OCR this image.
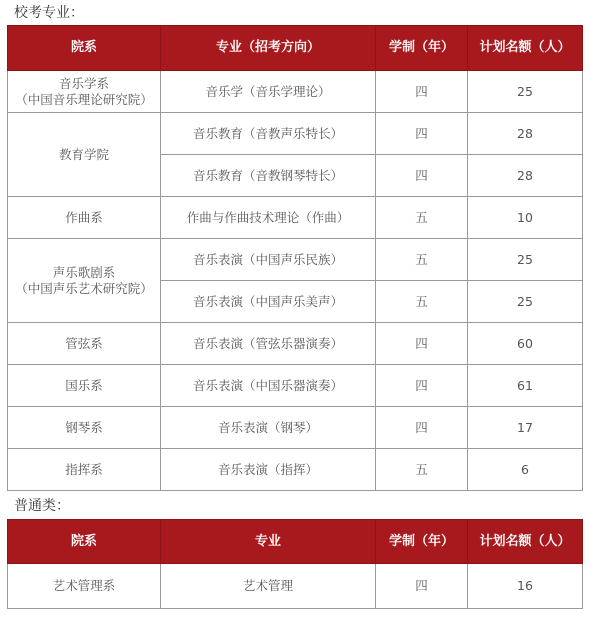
校考专业：
院系	专业（招考方向）	学制（年）	计划名额（人）

音乐学系
（中国音乐理论研究院）	音乐学（音乐学理论）	四	25

教育学院	音乐教育（音教声乐特长）	四	28
	音乐教育（音教钢琴特长）	四	28

作曲系	作曲与作曲技术理论（作曲）	五	10

声乐歌剧系
（中国声乐艺术研究院）	音乐表演（中国声乐民族）	五	25
	音乐表演（中国声乐美声）	五	25

管弦系	音乐表演（管弦乐器演奏）	四	60

国乐系	音乐表演（中国乐器演奏）	四	61

钢琴系	音乐表演（钢琴）	四	17

指挥系	音乐表演（指挥）	五	6
普通类：
院系	专业	学制（年）	计划名额（人）

艺术管理系	艺术管理	四	16
